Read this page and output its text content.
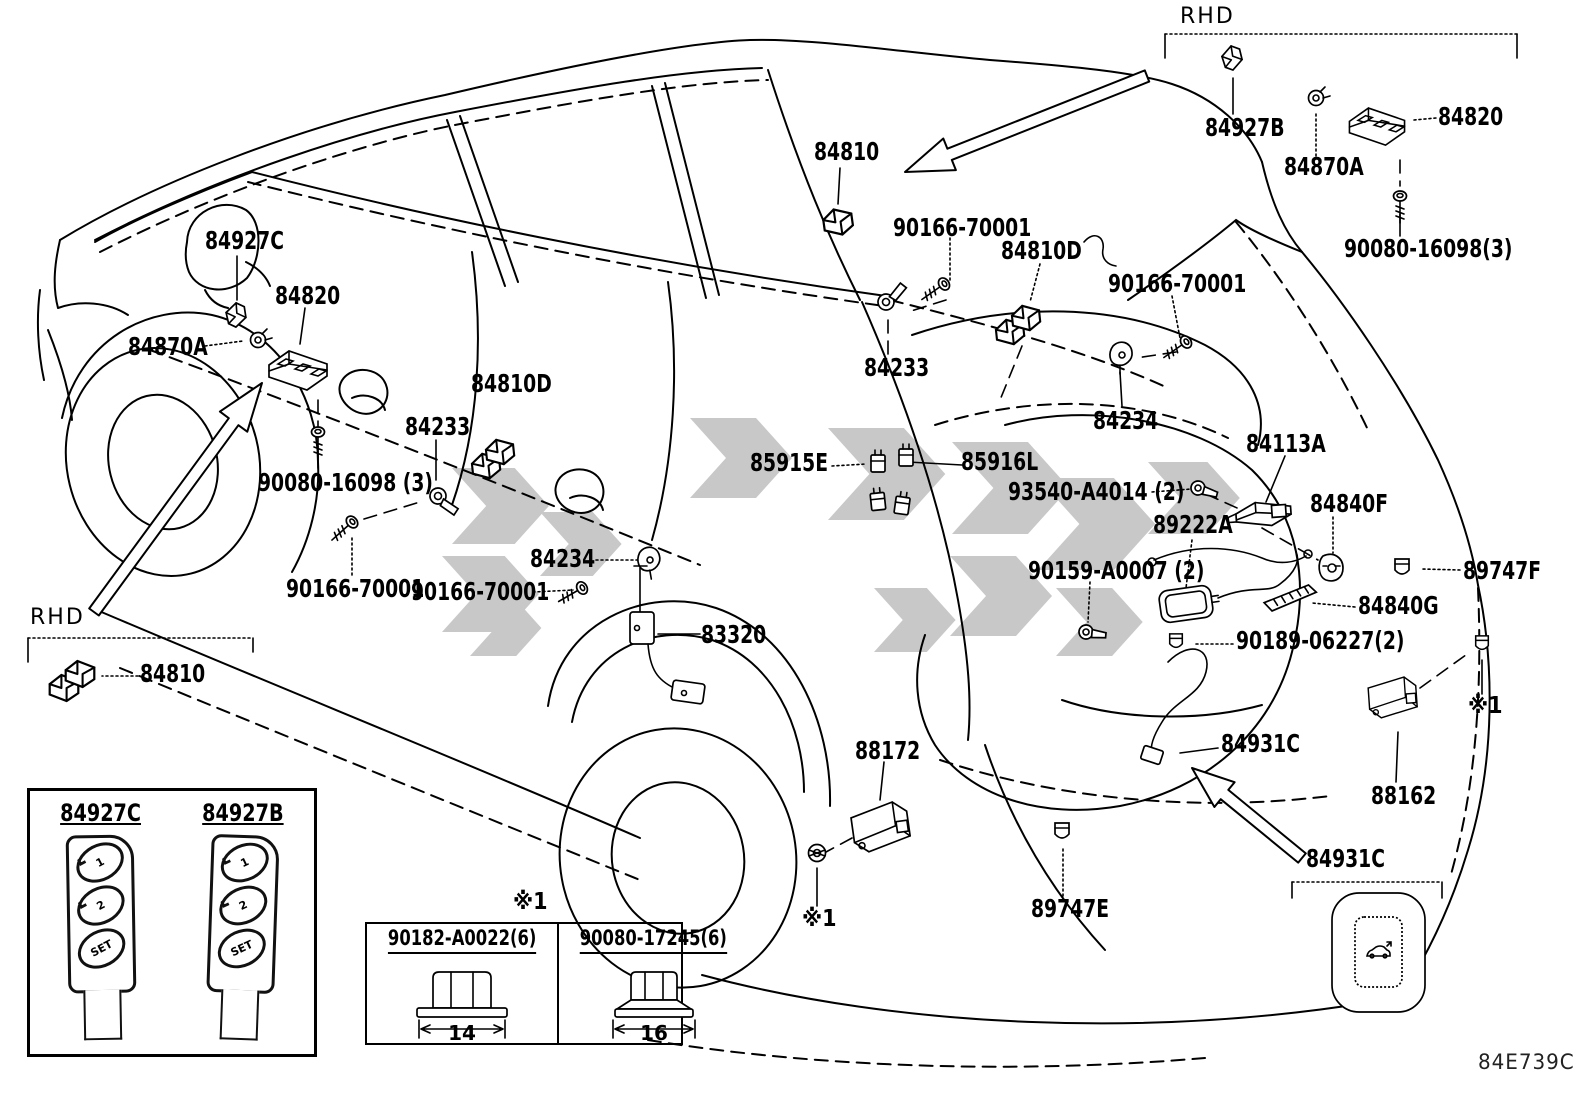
RHD
84927B	84820
84870A
90080-16098(3)
84810
90166-70001
84810D
90166-70001
84233
84234
85915E	85916L
93540-A4014 (2)
84113A
84840F
89222A
90159-A0007 (2)	89747F
84840G
90189-06227(2)
84234
90166-70001
90166-70001
83320
84927C
84820
84870A
84810D
84233
90080-16098 (3)
RHD
84810
88172
※1	89747E
84931C
※1
88162
84931C
※1
84E739C
84927C
1
2
SET
84927B
1
2
SET	90182-A0022(6)
14
90080-17245(6)
16
